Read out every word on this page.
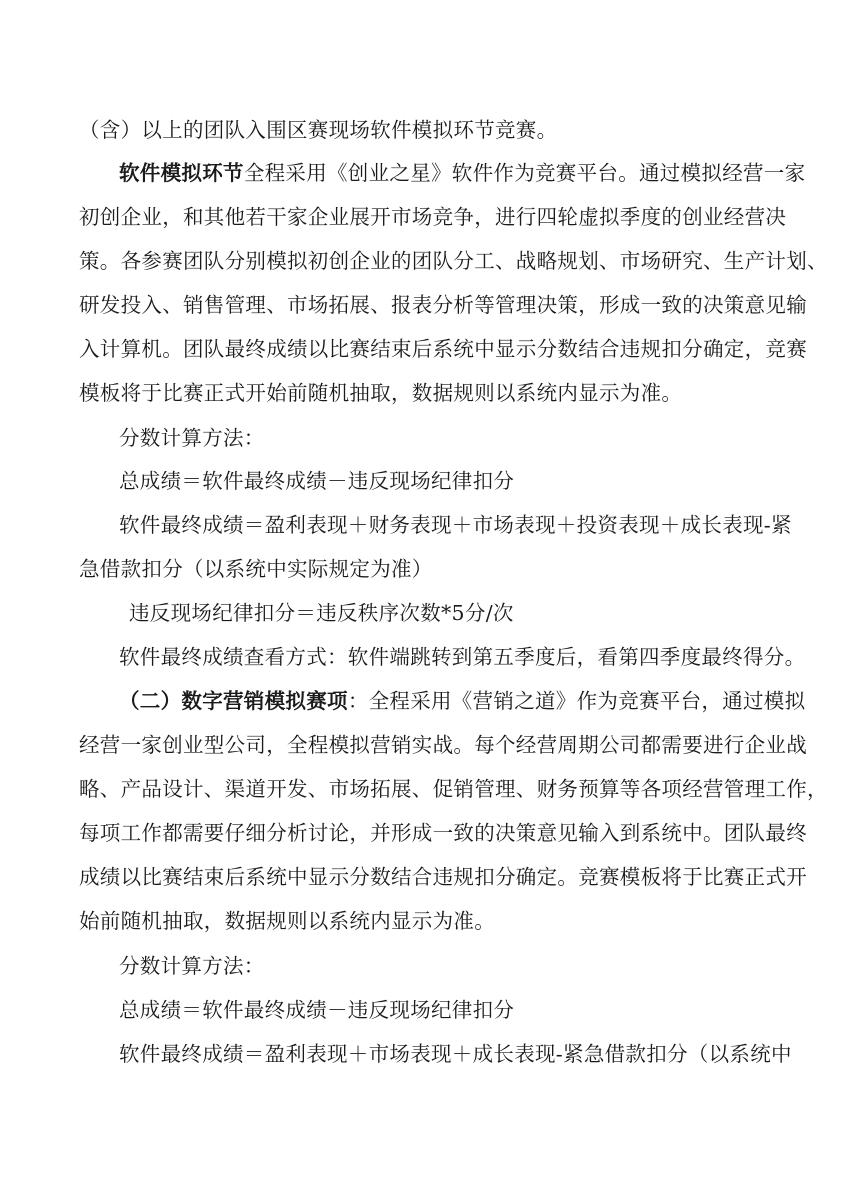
（含）以上的团队入围区赛现场软件模拟环节竞赛。
软件模拟环节全程采用《创业之星》软件作为竞赛平台。通过模拟经营一家
初创企业，和其他若干家企业展开市场竞争，进行四轮虚拟季度的创业经营决
策。各参赛团队分别模拟初创企业的团队分工、战略规划、市场研究、生产计划、
研发投入、销售管理、市场拓展、报表分析等管理决策，形成一致的决策意见输
入计算机。团队最终成绩以比赛结束后系统中显示分数结合违规扣分确定，竞赛
模板将于比赛正式开始前随机抽取，数据规则以系统内显示为准。
分数计算方法：
总成绩＝软件最终成绩－违反现场纪律扣分
软件最终成绩＝盈利表现＋财务表现＋市场表现＋投资表现＋成长表现-紧
急借款扣分（以系统中实际规定为准）
违反现场纪律扣分＝违反秩序次数*5分/次
软件最终成绩查看方式：软件端跳转到第五季度后，看第四季度最终得分。
（二）数字营销模拟赛项：全程采用《营销之道》作为竞赛平台，通过模拟
经营一家创业型公司，全程模拟营销实战。每个经营周期公司都需要进行企业战
略、产品设计、渠道开发、市场拓展、促销管理、财务预算等各项经营管理工作，
每项工作都需要仔细分析讨论，并形成一致的决策意见输入到系统中。团队最终
成绩以比赛结束后系统中显示分数结合违规扣分确定。竞赛模板将于比赛正式开
始前随机抽取，数据规则以系统内显示为准。
分数计算方法：
总成绩＝软件最终成绩－违反现场纪律扣分
软件最终成绩＝盈利表现＋市场表现＋成长表现-紧急借款扣分（以系统中
